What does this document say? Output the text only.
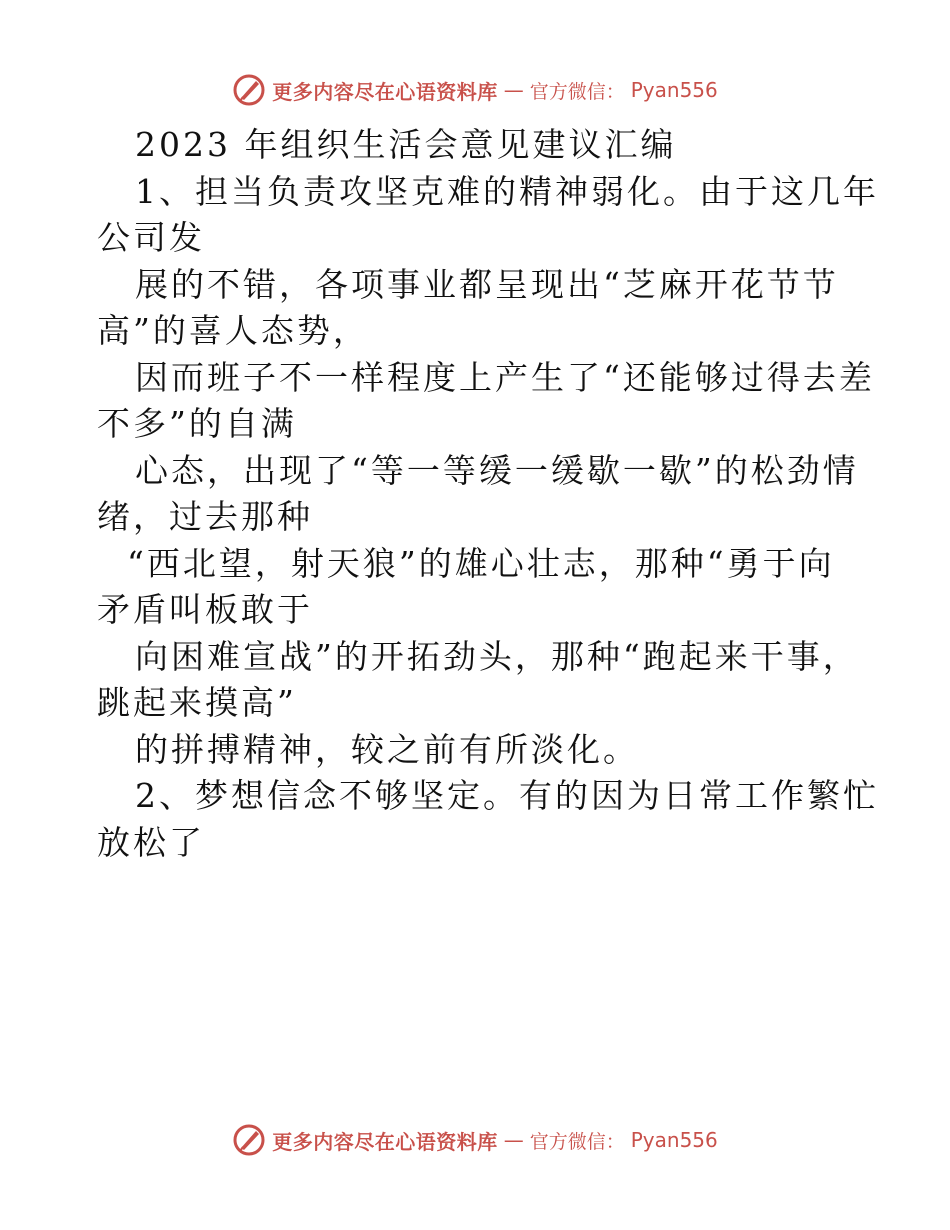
更多内容尽在心语资料库 — 官方微信： Pyan556
2023 年组织生活会意见建议汇编
1、担当负责攻坚克难的精神弱化。由于这几年
公司发
展的不错，各项事业都呈现出“芝麻开花节节
高”的喜人态势，
因而班子不一样程度上产生了“还能够过得去差
不多”的自满
心态，出现了“等一等缓一缓歇一歇”的松劲情
绪，过去那种
“西北望，射天狼”的雄心壮志，那种“勇于向
矛盾叫板敢于
向困难宣战”的开拓劲头，那种“跑起来干事，
跳起来摸高”
的拼搏精神，较之前有所淡化。
2、梦想信念不够坚定。有的因为日常工作繁忙
放松了
更多内容尽在心语资料库 — 官方微信： Pyan556
